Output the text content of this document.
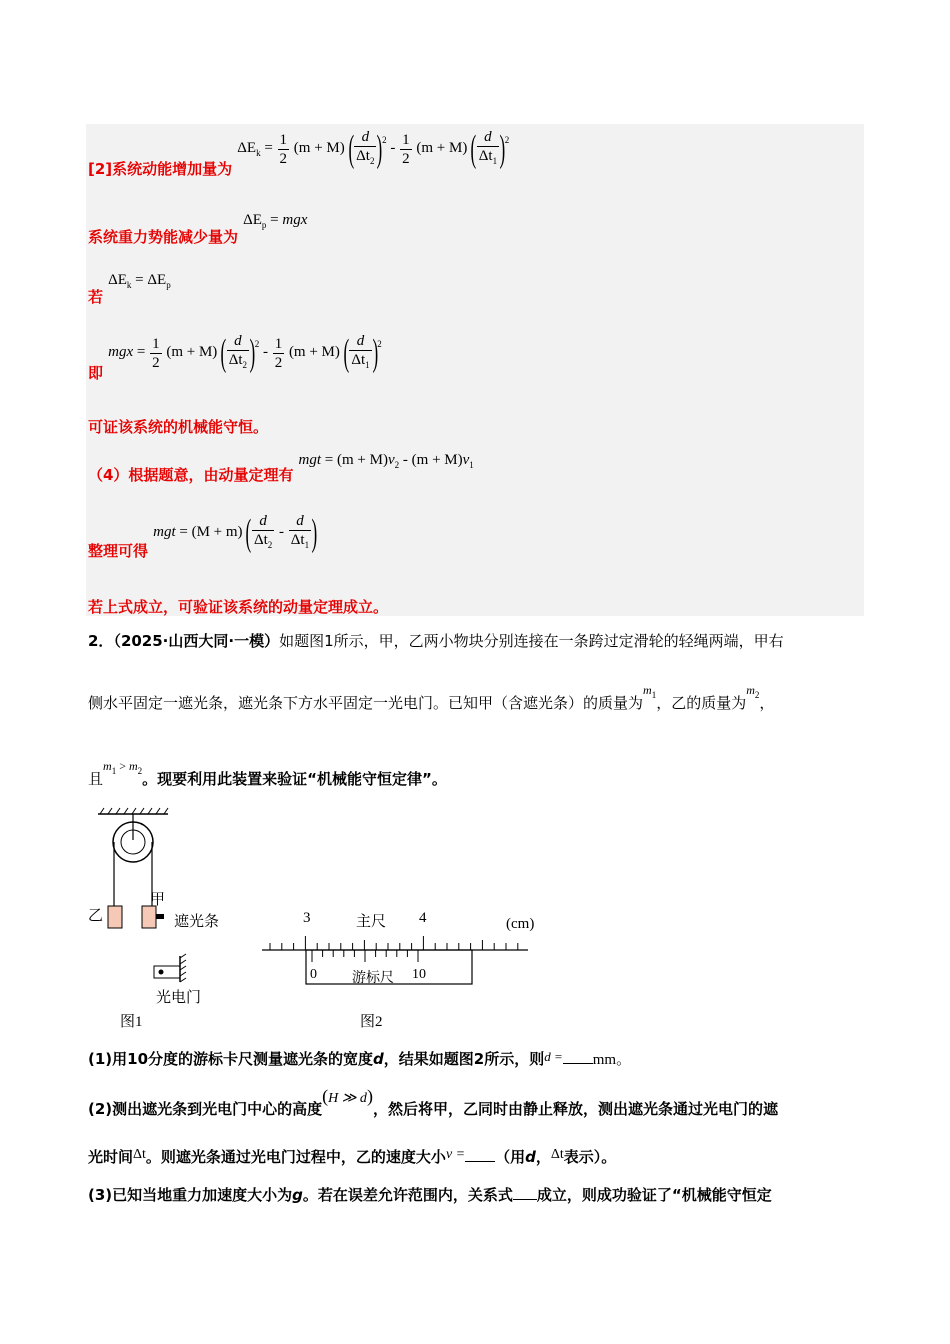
[2]系统动能增加量为 $\Delta E_k = \frac{1}{2} (m + M)$ ( $\frac{d}{\Delta t_2} )^2 - \frac{1}{2} (m + M)$ ( $\frac{d}{\Delta t_1} )^2$
系统重力势能减少量为 $\Delta E_p$ = mgx
若 $\Delta E_k = \Delta E_p$
即 mgx = $\frac{1}{2} (m + M)$ ( $\frac{d}{\Delta t_2} )^2 - \frac{1}{2} (m + M)$ ( $\frac{d}{\Delta t_1} )^2$
可证该系统的机械能守恒。
（4）根据题意，由动量定理有 mgt = $(m + M)v_2 - (m + M)v_1$
整理可得 mgt = (M + m) ( $\frac{d}{\Delta t_2} - \frac{d}{\Delta t_1}$ )
若上式成立，可验证该系统的动量定理成立。
2．（2025·山西大同·一模）如题图1所示，甲，乙两小物块分别连接在一条跨过定滑轮的轻绳两端，甲右
侧水平固定一遮光条，遮光条下方水平固定一光电门。已知甲（含遮光条）的质量为$^{m_1}$，乙的质量为$^{m_2}$，
且$^{m_1 > m_2}$。现要利用此装置来验证“机械能守恒定律”。
乙
甲
遮光条
光电门
图1
3	主尺 4	(cm)
0	游标尺 10
图2
(1)用10分度的游标卡尺测量遮光条的宽度d，结果如题图2所示，则d = mm。
(2)测出遮光条到光电门中心的高度(H ≫ d)，然后将甲，乙同时由静止释放，测出遮光条通过光电门的遮
光时间Δt。则遮光条通过光电门过程中，乙的速度大小v = （用d，Δt表示）。
(3)已知当地重力加速度大小为g。若在误差允许范围内，关系式 成立，则成功验证了“机械能守恒定
